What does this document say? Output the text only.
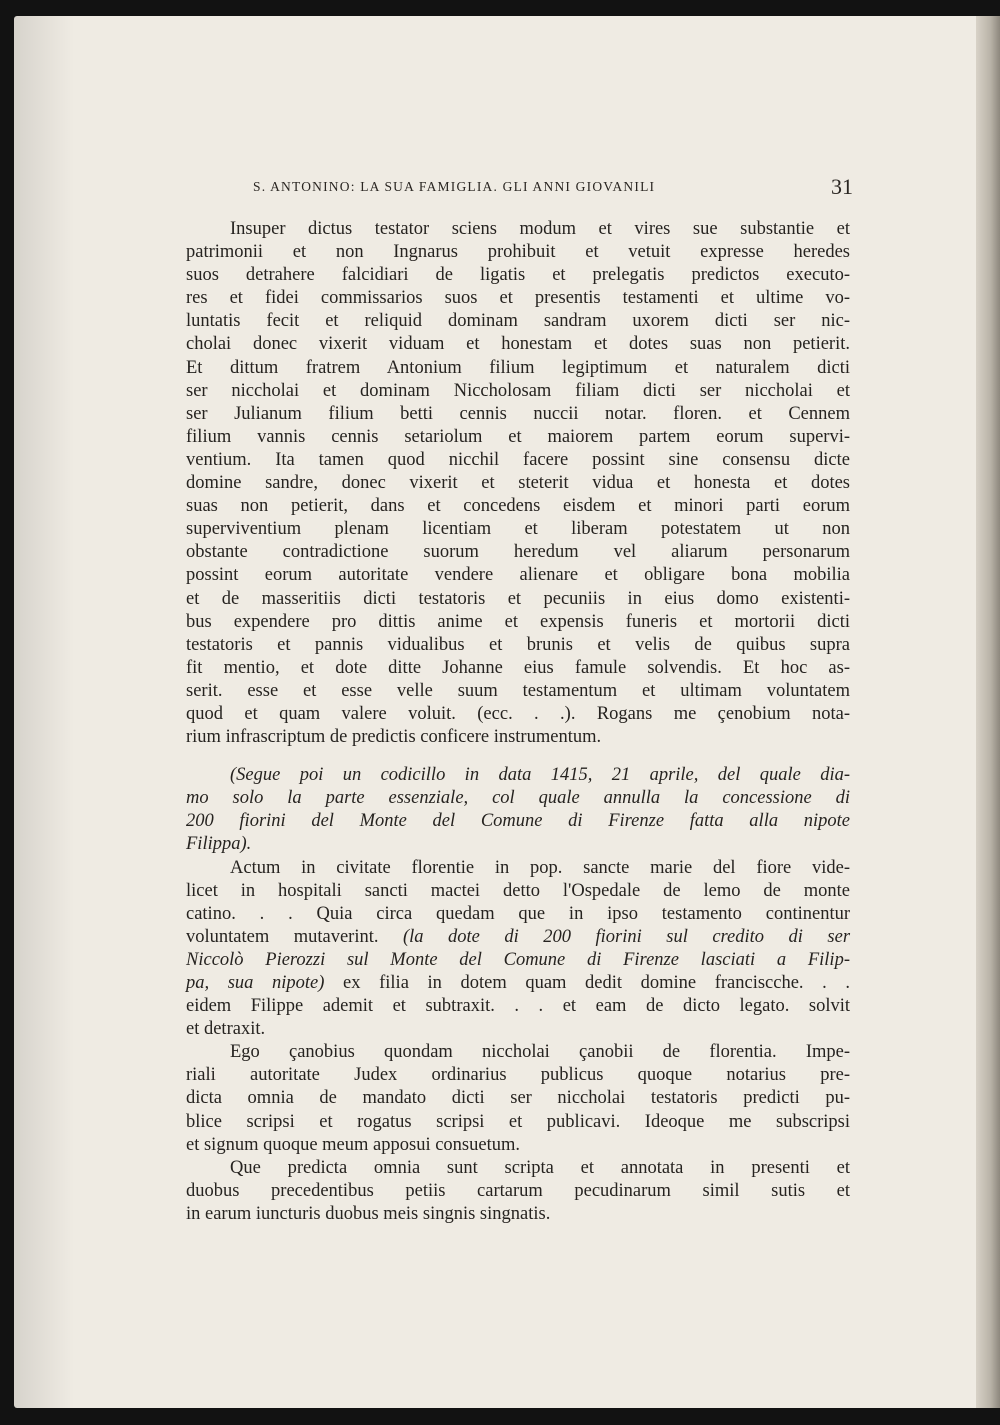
S. ANTONINO: LA SUA FAMIGLIA. GLI ANNI GIOVANILI	31
Insuper dictus testator sciens modum et vires sue substantie et
patrimonii et non Ingnarus prohibuit et vetuit expresse heredes
suos detrahere falcidiari de ligatis et prelegatis predictos executo-
res et fidei commissarios suos et presentis testamenti et ultime vo-
luntatis fecit et reliquid dominam sandram uxorem dicti ser nic-
cholai donec vixerit viduam et honestam et dotes suas non petierit.
Et dittum fratrem Antonium filium legiptimum et naturalem dicti
ser niccholai et dominam Niccholosam filiam dicti ser niccholai et
ser Julianum filium betti cennis nuccii notar. floren. et Cennem
filium vannis cennis setariolum et maiorem partem eorum supervi-
ventium. Ita tamen quod nicchil facere possint sine consensu dicte
domine sandre, donec vixerit et steterit vidua et honesta et dotes
suas non petierit, dans et concedens eisdem et minori parti eorum
superviventium plenam licentiam et liberam potestatem ut non
obstante contradictione suorum heredum vel aliarum personarum
possint eorum autoritate vendere alienare et obligare bona mobilia
et de masseritiis dicti testatoris et pecuniis in eius domo existenti-
bus expendere pro dittis anime et expensis funeris et mortorii dicti
testatoris et pannis vidualibus et brunis et velis de quibus supra
fit mentio, et dote ditte Johanne eius famule solvendis. Et hoc as-
serit. esse et esse velle suum testamentum et ultimam voluntatem
quod et quam valere voluit. (ecc. . .). Rogans me çenobium nota-
rium infrascriptum de predictis conficere instrumentum.
(Segue poi un codicillo in data 1415, 21 aprile, del quale dia-
mo solo la parte essenziale, col quale annulla la concessione di
200 fiorini del Monte del Comune di Firenze fatta alla nipote
Filippa).
Actum in civitate florentie in pop. sancte marie del fiore vide-
licet in hospitali sancti mactei detto l'Ospedale de lemo de monte
catino. . . Quia circa quedam que in ipso testamento continentur
voluntatem mutaverint. (la dote di 200 fiorini sul credito di ser
Niccolò Pierozzi sul Monte del Comune di Firenze lasciati a Filip-
pa, sua nipote) ex filia in dotem quam dedit domine franciscche. . .
eidem Filippe ademit et subtraxit. . . et eam de dicto legato. solvit
et detraxit.
Ego çanobius quondam niccholai çanobii de florentia. Impe-
riali autoritate Judex ordinarius publicus quoque notarius pre-
dicta omnia de mandato dicti ser niccholai testatoris predicti pu-
blice scripsi et rogatus scripsi et publicavi. Ideoque me subscripsi
et signum quoque meum apposui consuetum.
Que predicta omnia sunt scripta et annotata in presenti et
duobus precedentibus petiis cartarum pecudinarum simil sutis et
in earum iuncturis duobus meis singnis singnatis.
